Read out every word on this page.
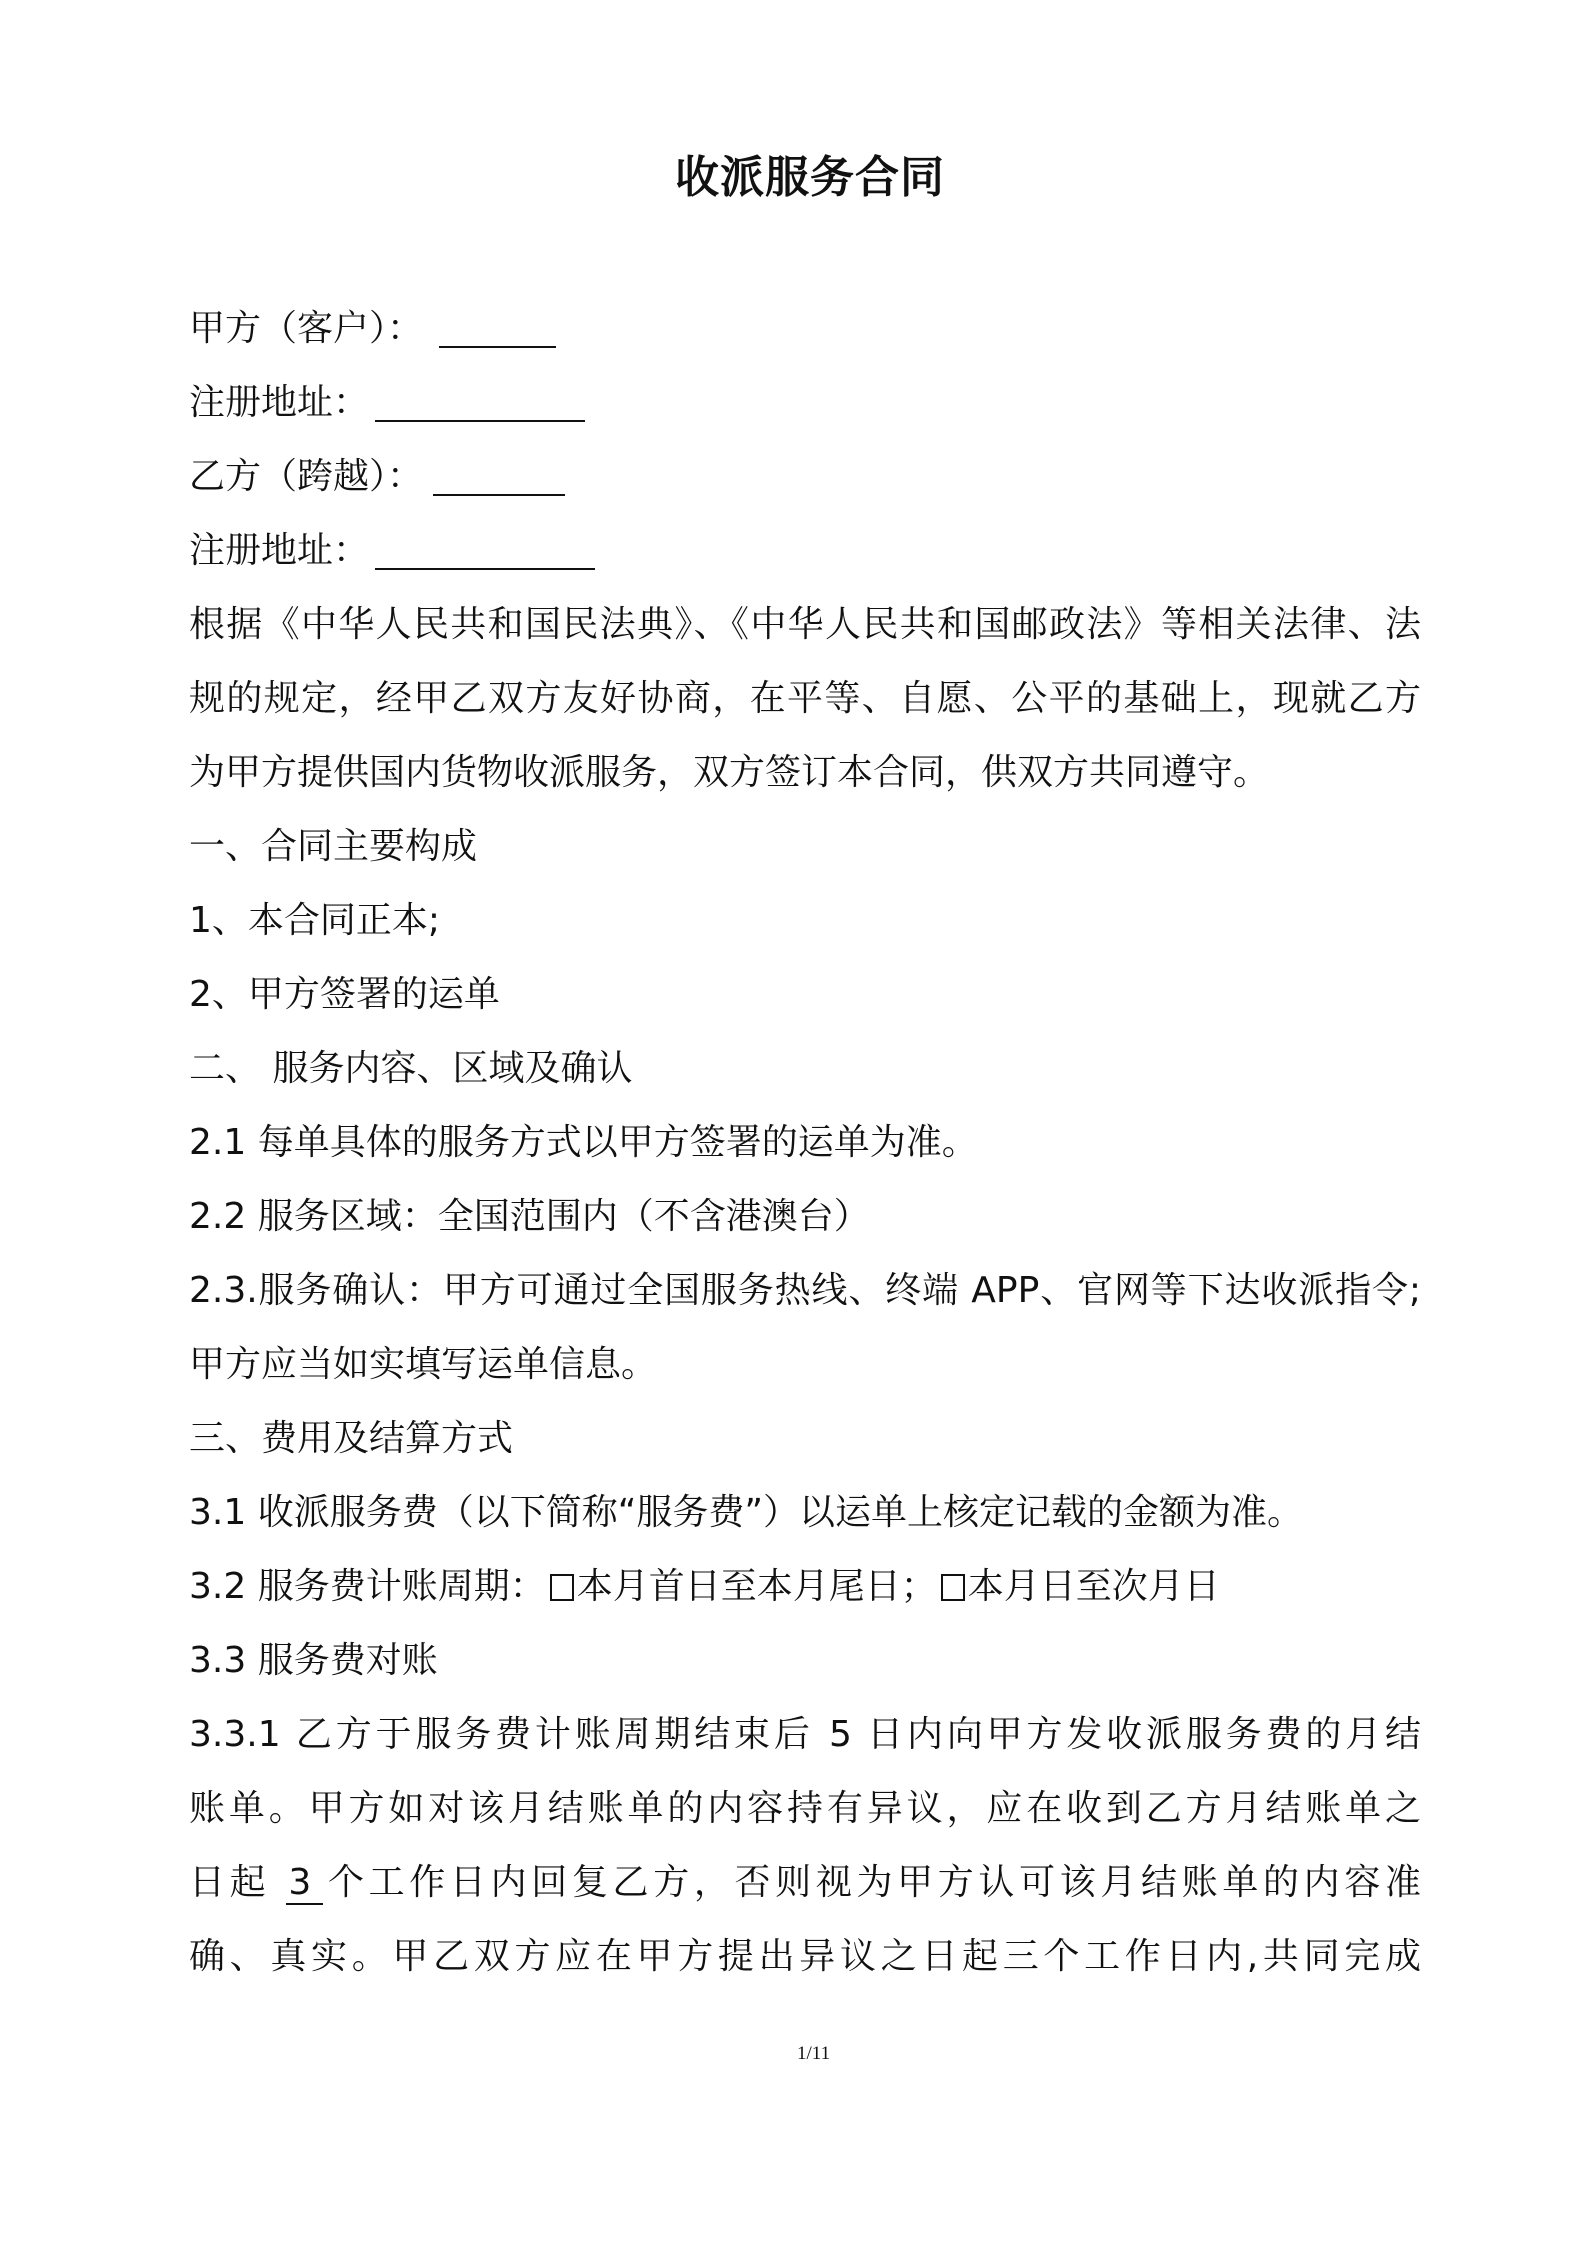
收派服务合同
甲方（客户）：
注册地址：
乙方（跨越）：
注册地址：
根据《中华人民共和国民法典》、《中华人民共和国邮政法》等相关法律、法
规的规定，经甲乙双方友好协商，在平等、自愿、公平的基础上，现就乙方
为甲方提供国内货物收派服务，双方签订本合同，供双方共同遵守。
一、合同主要构成
1、本合同正本;
2、甲方签署的运单
二、 服务内容、区域及确认
2.1 每单具体的服务方式以甲方签署的运单为准。
2.2 服务区域：全国范围内（不含港澳台）
2.3.服务确认：甲方可通过全国服务热线、终端 APP、官网等下达收派指令;
甲方应当如实填写运单信息。
三、费用及结算方式
3.1 收派服务费（以下简称“服务费”）以运单上核定记载的金额为准。
3.2 服务费计账周期： 本月首日至本月尾日； 本月日至次月日
3.3 服务费对账
3.3.1 乙方于服务费计账周期结束后 5 日内向甲方发收派服务费的月结
账单。甲方如对该月结账单的内容持有异议，应在收到乙方月结账单之
日起 3 个工作日内回复乙方，否则视为甲方认可该月结账单的内容准
确、真实。甲乙双方应在甲方提出异议之日起三个工作日内,共同完成
1/11
